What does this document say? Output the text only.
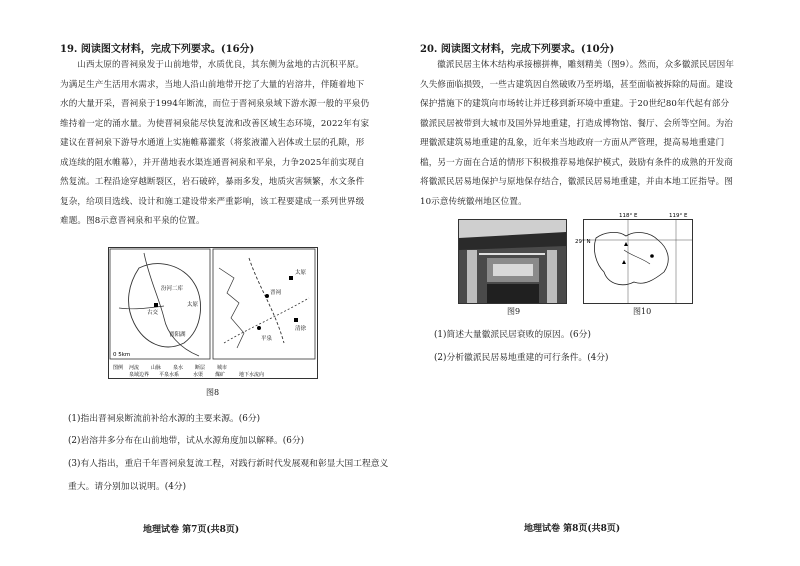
19. 阅读图文材料，完成下列要求。(16分)

山西太原的晋祠泉发于山前地带，水质优良，其东侧为盆地的古沉积平原。为满足生产生活用水需求，当地人沿山前地带开挖了大量的岩溶井，伴随着地下水的大量开采，晋祠泉于1994年断流，而位于晋祠泉泉域下游水源一般的平泉仍维持着一定的涌水量。为使晋祠泉能尽快复流和改善区域生态环境，2022年有家建议在晋祠泉下游导水通道上实施帷幕灌浆（将浆液灌入岩体或土层的孔隙，形成连续的阻水帷幕），并开凿地表水渠连通晋祠泉和平泉，力争2025年前实现自然复流。工程沿途穿越断裂区，岩石破碎，暴雨多发，地质灾害频繁，水文条件复杂，给项目选线、设计和施工建设带来严重影响，该工程要建成一系列世界级难题。图8示意晋祠泉和平泉的位置。

汾河二库
古交
太原
晋阳湖
0 5km
晋祠
太原
平泉
清徐
图例 河流 山脉 泉水 断层 城市
泉域边界 平泉水系	水渠 煤矿	地下水流向
图8
(1)指出晋祠泉断流前补给水源的主要来源。(6分)
(2)岩溶井多分布在山前地带，试从水源角度加以解释。(6分)
(3)有人指出，重启千年晋祠泉复流工程，对践行新时代发展观和彰显大国工程意义
重大。请分别加以说明。(4分)
地理试卷 第7页(共8页)
20. 阅读图文材料，完成下列要求。(10分)

徽派民居主体木结构承接檩拼榫，雕刻精美（图9）。然而，众多徽派民居因年久失修面临损毁，一些古建筑因自然破败乃至坍塌，甚至面临被拆除的局面。建设保护措施下的建筑向市场转让并迁移到新环境中重建。于20世纪80年代起有部分徽派民居被带到大城市及国外异地重建，打造成博物馆、餐厅、会所等空间。为治理徽派建筑易地重建的乱象，近年来当地政府一方面从严管理，提高易地重建门槛，另一方面在合适的情形下积极推荐易地保护模式，鼓励有条件的成熟的开发商将徽派民居易地保护与原地保存结合，徽派民居易地重建，并由本地工匠指导。图10示意传统徽州地区位置。

图9
118° E	119° E
29° N
图10
(1)简述大量徽派民居衰败的原因。(6分)
(2)分析徽派民居易地重建的可行条件。(4分)
地理试卷 第8页(共8页)
